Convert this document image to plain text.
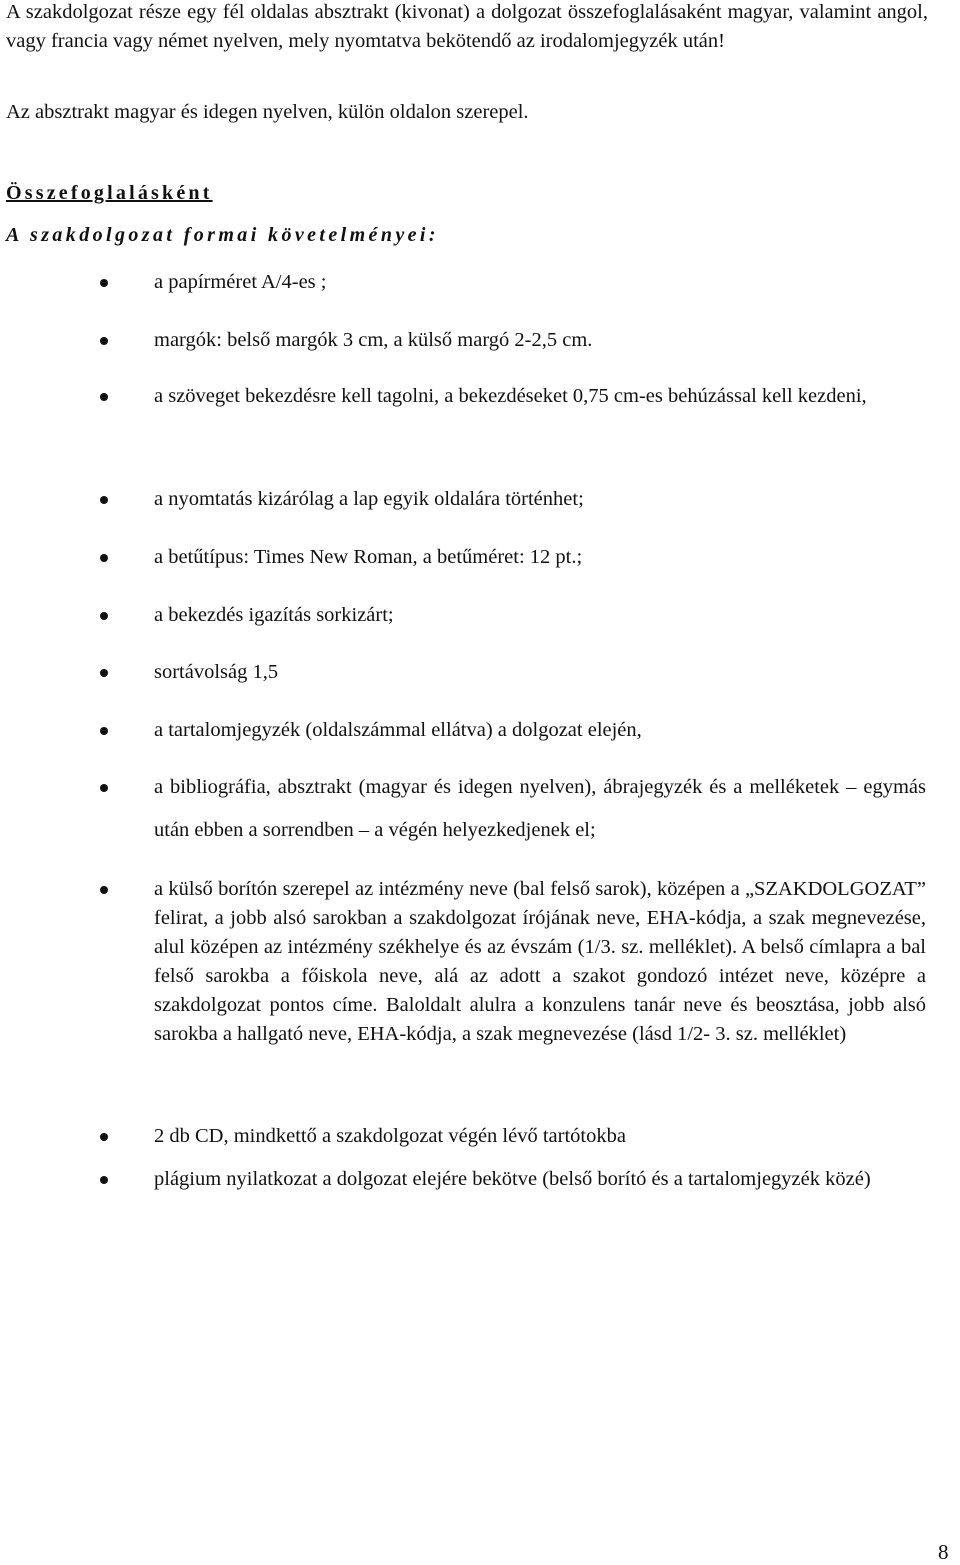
A szakdolgozat része egy fél oldalas absztrakt (kivonat) a dolgozat összefoglalásaként magyar, valamint angol, vagy francia vagy német nyelven, mely nyomtatva bekötendő az irodalomjegyzék után!

Az absztrakt magyar és idegen nyelven, külön oldalon szerepel.

Összefoglalásként

A szakdolgozat formai követelményei:

a papírméret A/4-es ;

margók: belső margók 3 cm, a külső margó 2-2,5 cm.

a szöveget bekezdésre kell tagolni, a bekezdéseket 0,75 cm-es behúzással kell kezdeni,

a nyomtatás kizárólag a lap egyik oldalára történhet;

a betűtípus: Times New Roman, a betűméret: 12 pt.;

a bekezdés igazítás sorkizárt;

sortávolság 1,5

a tartalomjegyzék (oldalszámmal ellátva) a dolgozat elején,

a bibliográfia, absztrakt (magyar és idegen nyelven), ábrajegyzék és a melléketek – egymás után ebben a sorrendben – a végén helyezkedjenek el;

a külső borítón szerepel az intézmény neve (bal felső sarok), középen a „SZAKDOLGOZAT” felirat, a jobb alsó sarokban a szakdolgozat írójának neve, EHA-kódja, a szak megnevezése, alul középen az intézmény székhelye és az évszám (1/3. sz. melléklet). A belső címlapra a bal felső sarokba a főiskola neve, alá az adott a szakot gondozó intézet neve, középre a szakdolgozat pontos címe. Baloldalt alulra a konzulens tanár neve és beosztása, jobb alsó sarokba a hallgató neve, EHA-kódja, a szak megnevezése (lásd 1/2- 3. sz. melléklet)

2 db CD, mindkettő a szakdolgozat végén lévő tartótokba

plágium nyilatkozat a dolgozat elejére bekötve (belső borító és a tartalomjegyzék közé)

8
